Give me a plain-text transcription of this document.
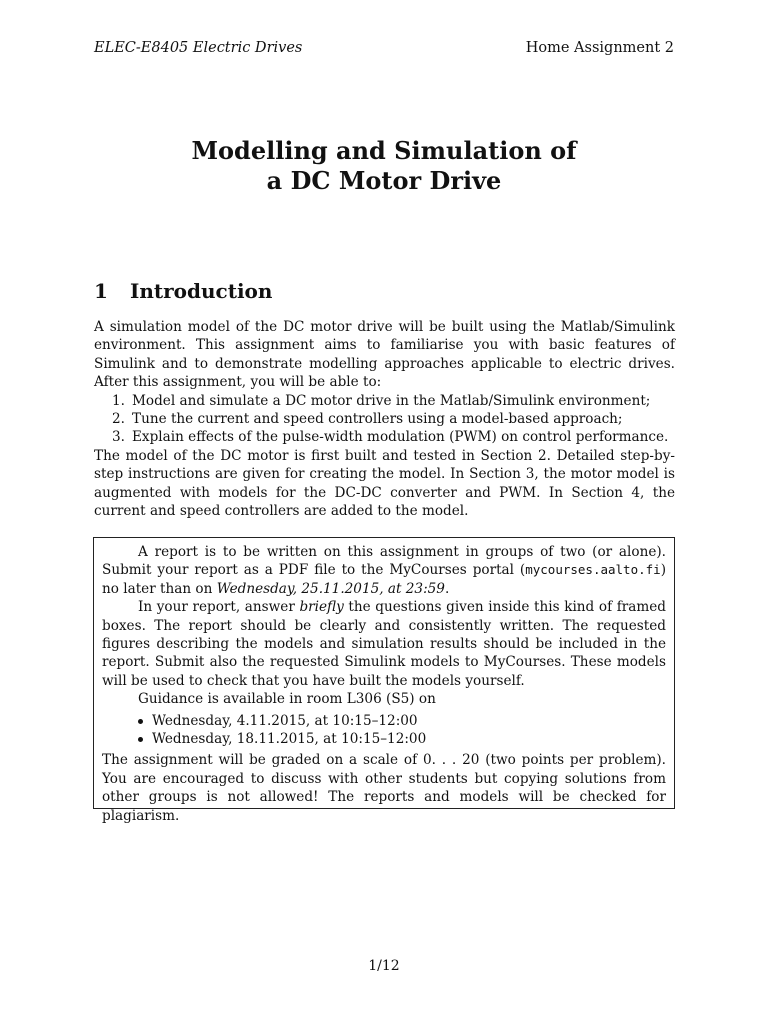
ELEC-E8405 Electric Drives	Home Assignment 2
Modelling and Simulation of
a DC Motor Drive
1 Introduction

A simulation model of the DC motor drive will be built using the Matlab/Simulink environment. This assignment aims to familiarise you with basic features of Simulink and to demonstrate modelling approaches applicable to electric drives. After this assignment, you will be able to:

1. Model and simulate a DC motor drive in the Matlab/Simulink environment;
2. Tune the current and speed controllers using a model-based approach;
3. Explain effects of the pulse-width modulation (PWM) on control performance.

The model of the DC motor is first built and tested in Section 2. Detailed step-by-step instructions are given for creating the model. In Section 3, the motor model is augmented with models for the DC-DC converter and PWM. In Section 4, the current and speed controllers are added to the model.

A report is to be written on this assignment in groups of two (or alone). Submit your report as a PDF file to the MyCourses portal (mycourses.aalto.fi) no later than on Wednesday, 25.11.2015, at 23:59.

In your report, answer briefly the questions given inside this kind of framed boxes. The report should be clearly and consistently written. The requested figures describing the models and simulation results should be included in the report. Submit also the requested Simulink models to MyCourses. These models will be used to check that you have built the models yourself.

Guidance is available in room L306 (S5) on

Wednesday, 4.11.2015, at 10:15–12:00
Wednesday, 18.11.2015, at 10:15–12:00

The assignment will be graded on a scale of 0. . . 20 (two points per problem). You are encouraged to discuss with other students but copying solutions from other groups is not allowed! The reports and models will be checked for plagiarism.

1/12
